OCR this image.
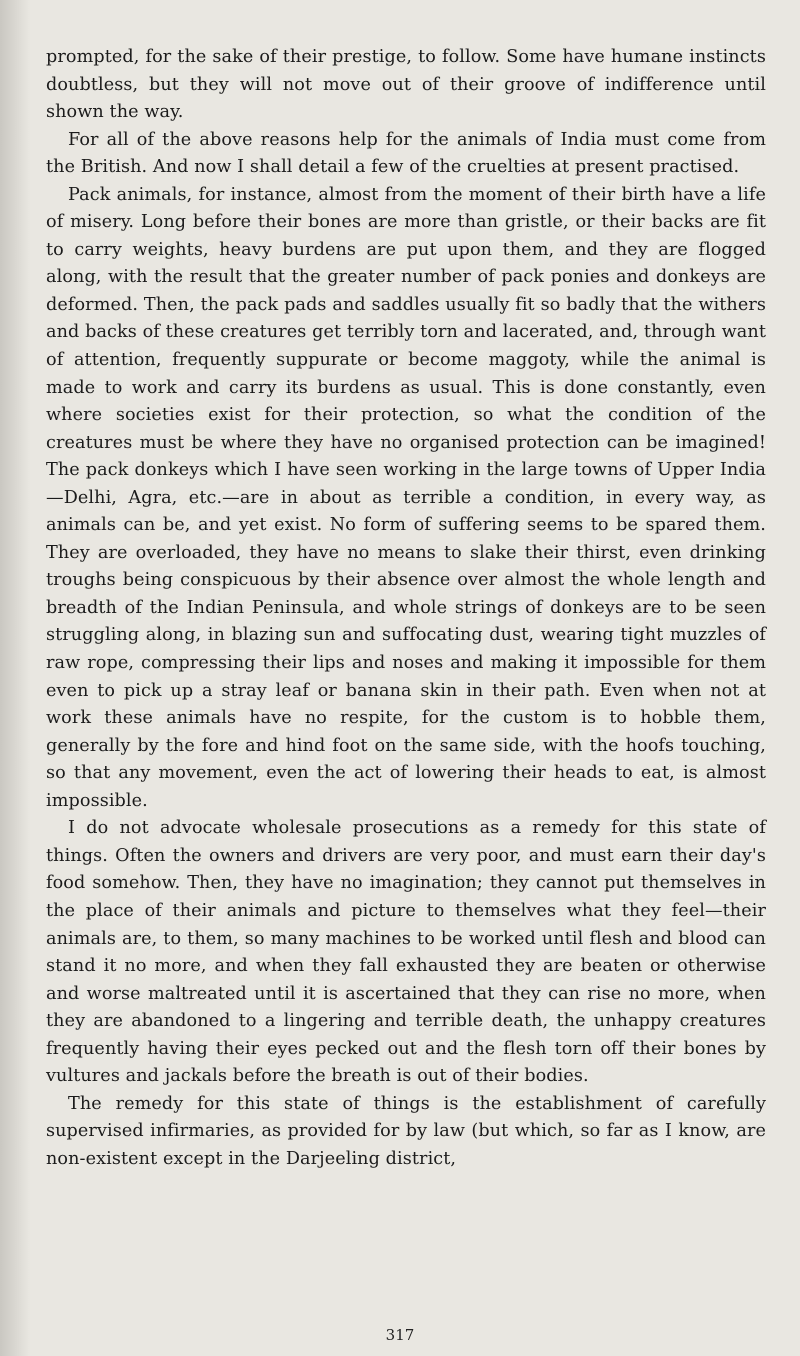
prompted, for the sake of their prestige, to follow. Some have humane instincts doubtless, but they will not move out of their groove of indifference until shown the way.

For all of the above reasons help for the animals of India must come from the British. And now I shall detail a few of the cruelties at present practised.

Pack animals, for instance, almost from the moment of their birth have a life of misery. Long before their bones are more than gristle, or their backs are fit to carry weights, heavy burdens are put upon them, and they are flogged along, with the result that the greater number of pack ponies and donkeys are deformed. Then, the pack pads and saddles usually fit so badly that the withers and backs of these creatures get terribly torn and lacerated, and, through want of attention, frequently suppurate or become maggoty, while the animal is made to work and carry its burdens as usual. This is done constantly, even where societies exist for their protection, so what the condition of the creatures must be where they have no organised protection can be imagined! The pack donkeys which I have seen working in the large towns of Upper India—Delhi, Agra, etc.—are in about as terrible a condition, in every way, as animals can be, and yet exist. No form of suffering seems to be spared them. They are overloaded, they have no means to slake their thirst, even drinking troughs being conspicuous by their absence over almost the whole length and breadth of the Indian Peninsula, and whole strings of donkeys are to be seen struggling along, in blazing sun and suffocating dust, wearing tight muzzles of raw rope, compressing their lips and noses and making it impossible for them even to pick up a stray leaf or banana skin in their path. Even when not at work these animals have no respite, for the custom is to hobble them, generally by the fore and hind foot on the same side, with the hoofs touching, so that any movement, even the act of lowering their heads to eat, is almost impossible.

I do not advocate wholesale prosecutions as a remedy for this state of things. Often the owners and drivers are very poor, and must earn their day's food somehow. Then, they have no imagination; they cannot put themselves in the place of their animals and picture to themselves what they feel—their animals are, to them, so many machines to be worked until flesh and blood can stand it no more, and when they fall exhausted they are beaten or otherwise and worse maltreated until it is ascertained that they can rise no more, when they are abandoned to a lingering and terrible death, the unhappy creatures frequently having their eyes pecked out and the flesh torn off their bones by vultures and jackals before the breath is out of their bodies.

The remedy for this state of things is the establishment of carefully supervised infirmaries, as provided for by law (but which, so far as I know, are non-existent except in the Darjeeling district,

317
